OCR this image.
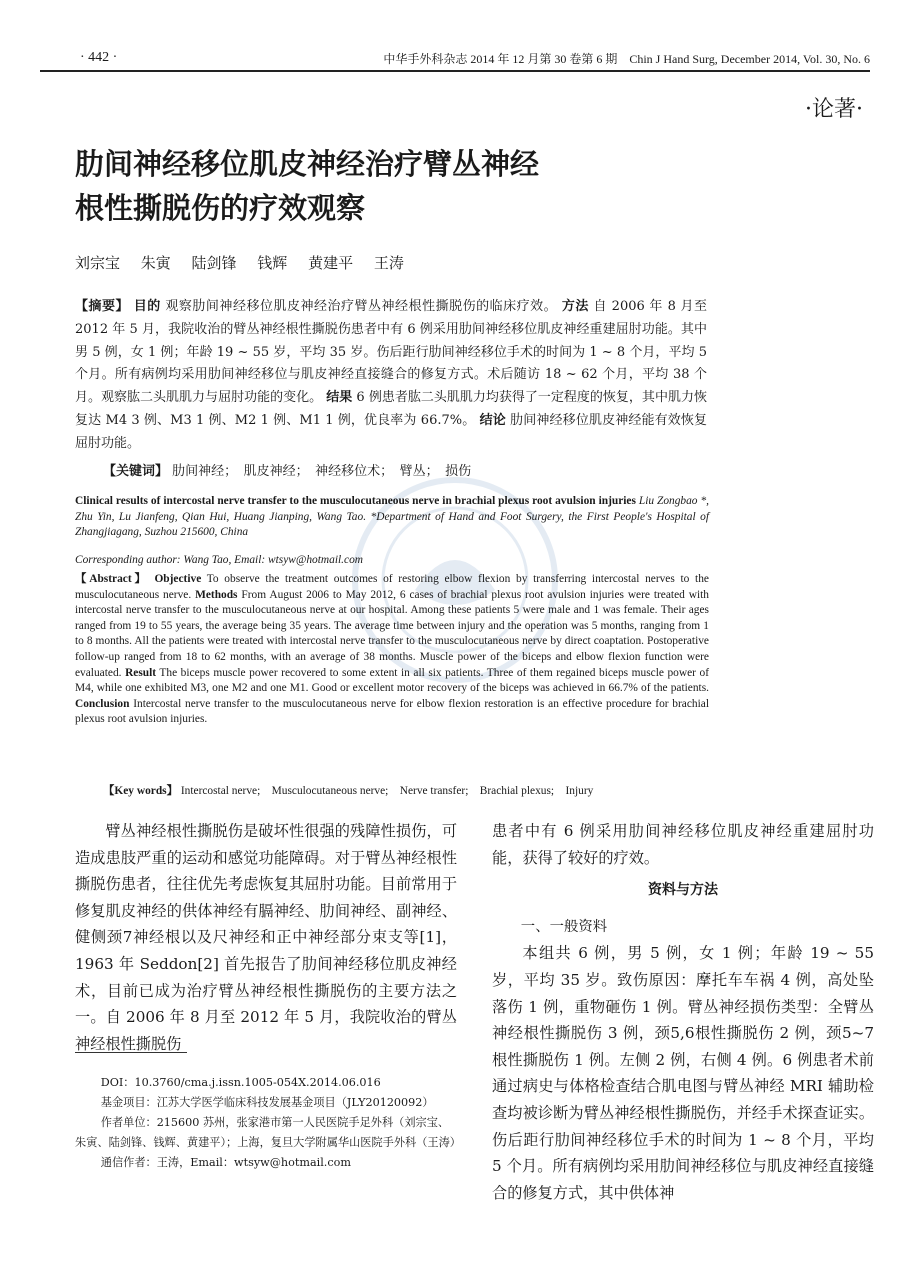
· 442 ·	中华手外科杂志 2014 年 12 月第 30 卷第 6 期　Chin J Hand Surg, December 2014, Vol. 30, No. 6
·论著·
肋间神经移位肌皮神经治疗臂丛神经
根性撕脱伤的疗效观察
刘宗宝 朱寅 陆剑锋 钱辉 黄建平 王涛
【摘要】 目的 观察肋间神经移位肌皮神经治疗臂丛神经根性撕脱伤的临床疗效。 方法 自 2006 年 8 月至 2012 年 5 月，我院收治的臂丛神经根性撕脱伤患者中有 6 例采用肋间神经移位肌皮神经重建屈肘功能。其中男 5 例，女 1 例；年龄 19 ~ 55 岁，平均 35 岁。伤后距行肋间神经移位手术的时间为 1 ~ 8 个月，平均 5 个月。所有病例均采用肋间神经移位与肌皮神经直接缝合的修复方式。术后随访 18 ~ 62 个月，平均 38 个月。观察肱二头肌肌力与屈肘功能的变化。 结果 6 例患者肱二头肌肌力均获得了一定程度的恢复，其中肌力恢复达 M4 3 例、M3 1 例、M2 1 例、M1 1 例，优良率为 66.7%。 结论 肋间神经移位肌皮神经能有效恢复屈肘功能。
【关键词】 肋间神经；　肌皮神经；　神经移位术；　臂丛；　损伤
Clinical results of intercostal nerve transfer to the musculocutaneous nerve in brachial plexus root avulsion injuries Liu Zongbao *, Zhu Yin, Lu Jianfeng, Qian Hui, Huang Jianping, Wang Tao. *Department of Hand and Foot Surgery, the First People's Hospital of Zhangjiagang, Suzhou 215600, China
Corresponding author: Wang Tao, Email: wtsyw@hotmail.com
【Abstract】 Objective To observe the treatment outcomes of restoring elbow flexion by transferring intercostal nerves to the musculocutaneous nerve. Methods From August 2006 to May 2012, 6 cases of brachial plexus root avulsion injuries were treated with intercostal nerve transfer to the musculocutaneous nerve at our hospital. Among these patients 5 were male and 1 was female. Their ages ranged from 19 to 55 years, the average being 35 years. The average time between injury and the operation was 5 months, ranging from 1 to 8 months. All the patients were treated with intercostal nerve transfer to the musculocutaneous nerve by direct coaptation. Postoperative follow-up ranged from 18 to 62 months, with an average of 38 months. Muscle power of the biceps and elbow flexion function were evaluated. Result The biceps muscle power recovered to some extent in all six patients. Three of them regained biceps muscle power of M4, while one exhibited M3, one M2 and one M1. Good or excellent motor recovery of the biceps was achieved in 66.7% of the patients. Conclusion Intercostal nerve transfer to the musculocutaneous nerve for elbow flexion restoration is an effective procedure for brachial plexus root avulsion injuries.
【Key words】 Intercostal nerve;　Musculocutaneous nerve;　Nerve transfer;　Brachial plexus;　Injury
臂丛神经根性撕脱伤是破坏性很强的残障性损伤，可造成患肢严重的运动和感觉功能障碍。对于臂丛神经根性撕脱伤患者，往往优先考虑恢复其屈肘功能。目前常用于修复肌皮神经的供体神经有膈神经、肋间神经、副神经、健侧颈7神经根以及尺神经和正中神经部分束支等[1]，1963 年 Seddon[2] 首先报告了肋间神经移位肌皮神经术，目前已成为治疗臂丛神经根性撕脱伤的主要方法之一。自 2006 年 8 月至 2012 年 5 月，我院收治的臂丛神经根性撕脱伤

DOI：10.3760/cma.j.issn.1005-054X.2014.06.016

基金项目：江苏大学医学临床科技发展基金项目（JLY20120092）

作者单位：215600 苏州，张家港市第一人民医院手足外科（刘宗宝、朱寅、陆剑锋、钱辉、黄建平）；上海，复旦大学附属华山医院手外科（王涛）

通信作者：王涛，Email：wtsyw@hotmail.com

患者中有 6 例采用肋间神经移位肌皮神经重建屈肘功能，获得了较好的疗效。
资料与方法
一、一般资料
本组共 6 例，男 5 例，女 1 例；年龄 19 ~ 55 岁，平均 35 岁。致伤原因：摩托车车祸 4 例，高处坠落伤 1 例，重物砸伤 1 例。臂丛神经损伤类型：全臂丛神经根性撕脱伤 3 例，颈5,6根性撕脱伤 2 例，颈5~7根性撕脱伤 1 例。左侧 2 例，右侧 4 例。6 例患者术前通过病史与体格检查结合肌电图与臂丛神经 MRI 辅助检查均被诊断为臂丛神经根性撕脱伤，并经手术探查证实。伤后距行肋间神经移位手术的时间为 1 ~ 8 个月，平均 5 个月。所有病例均采用肋间神经移位与肌皮神经直接缝合的修复方式，其中供体神
